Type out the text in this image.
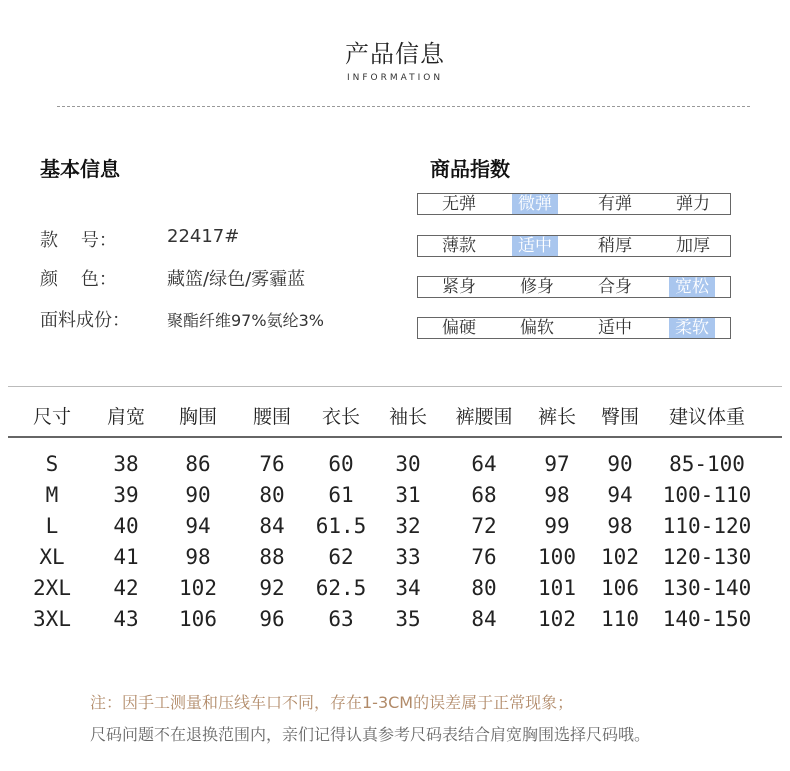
产品信息
INFORMATION
基本信息
款    号：	22417#
颜    色：	藏篮/绿色/雾霾蓝
面料成份： 聚酯纤维97%氨纶3%
商品指数
无弹	微弹	有弹	弹力
薄款	适中	稍厚	加厚
紧身	修身	合身	宽松
偏硬	偏软	适中	柔软
尺寸 肩宽 胸围 腰围 衣长 袖长 裤腰围 裤长 臀围 建议体重
S	38 86 76 60 30 64 97 90 85-100
M	39 90 80 61 31 68 98 94 100-110
L	40 94 84 61.5 32 72 99 98 110-120
XL 41 98 88 62 33 76 100 102 120-130
2XL 42 102 92 62.5 34 80 101 106 130-140
3XL 43 106 96 63 35 84 102 110 140-150
注：因手工测量和压线车口不同，存在1-3CM的误差属于正常现象；
尺码问题不在退换范围内，亲们记得认真参考尺码表结合肩宽胸围选择尺码哦。
